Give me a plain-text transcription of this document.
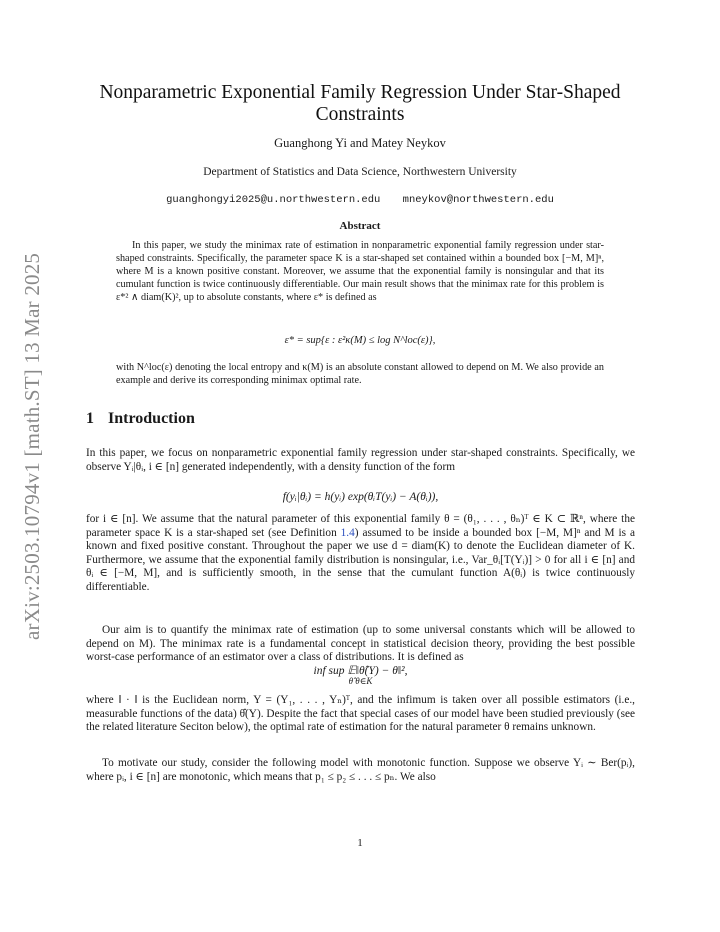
arXiv:2503.10794v1 [math.ST] 13 Mar 2025
Nonparametric Exponential Family Regression Under Star-Shaped Constraints
Guanghong Yi and Matey Neykov
Department of Statistics and Data Science, Northwestern University
guanghongyi2025@u.northwestern.edu mneykov@northwestern.edu
Abstract

In this paper, we study the minimax rate of estimation in nonparametric exponential family regression under star-shaped constraints. Specifically, the parameter space K is a star-shaped set contained within a bounded box [−M, M]ⁿ, where M is a known positive constant. Moreover, we assume that the exponential family is nonsingular and that its cumulant function is twice continuously differentiable. Our main result shows that the minimax rate for this problem is ε*² ∧ diam(K)², up to absolute constants, where ε* is defined as

ε* = sup{ε : ε²κ(M) ≤ log N^loc(ε)},
with N^loc(ε) denoting the local entropy and κ(M) is an absolute constant allowed to depend on M. We also provide an example and derive its corresponding minimax optimal rate.
1 Introduction
In this paper, we focus on nonparametric exponential family regression under star-shaped constraints. Specifically, we observe Yᵢ|θᵢ, i ∈ [n] generated independently, with a density function of the form
f(yᵢ|θᵢ) = h(yᵢ) exp(θᵢT(yᵢ) − A(θᵢ)),

for i ∈ [n]. We assume that the natural parameter of this exponential family θ = (θ₁, . . . , θₙ)ᵀ ∈ K ⊂ ℝⁿ, where the parameter space K is a star-shaped set (see Definition 1.4) assumed to be inside a bounded box [−M, M]ⁿ and M is a known and fixed positive constant. Throughout the paper we use d = diam(K) to denote the Euclidean diameter of K. Furthermore, we assume that the exponential family distribution is nonsingular, i.e., Var_θᵢ[T(Yᵢ)] > 0 for all i ∈ [n] and θᵢ ∈ [−M, M], and is sufficiently smooth, in the sense that the cumulant function A(θᵢ) is twice continuously differentiable.

Our aim is to quantify the minimax rate of estimation (up to some universal constants which will be allowed to depend on M). The minimax rate is a fundamental concept in statistical decision theory, providing the best possible worst-case performance of an estimator over a class of distributions. It is defined as

inf sup 𝔼‖θ̂(Y) − θ‖²,
θ̂ θ∈K
where ‖ · ‖ is the Euclidean norm, Y = (Y₁, . . . , Yₙ)ᵀ, and the infimum is taken over all possible estimators (i.e., measurable functions of the data) θ̂(Y). Despite the fact that special cases of our model have been studied previously (see the related literature Seciton below), the optimal rate of estimation for the natural parameter θ remains unknown.

To motivate our study, consider the following model with monotonic function. Suppose we observe Yᵢ ∼ Ber(pᵢ), where pᵢ, i ∈ [n] are monotonic, which means that p₁ ≤ p₂ ≤ . . . ≤ pₙ. We also

1
